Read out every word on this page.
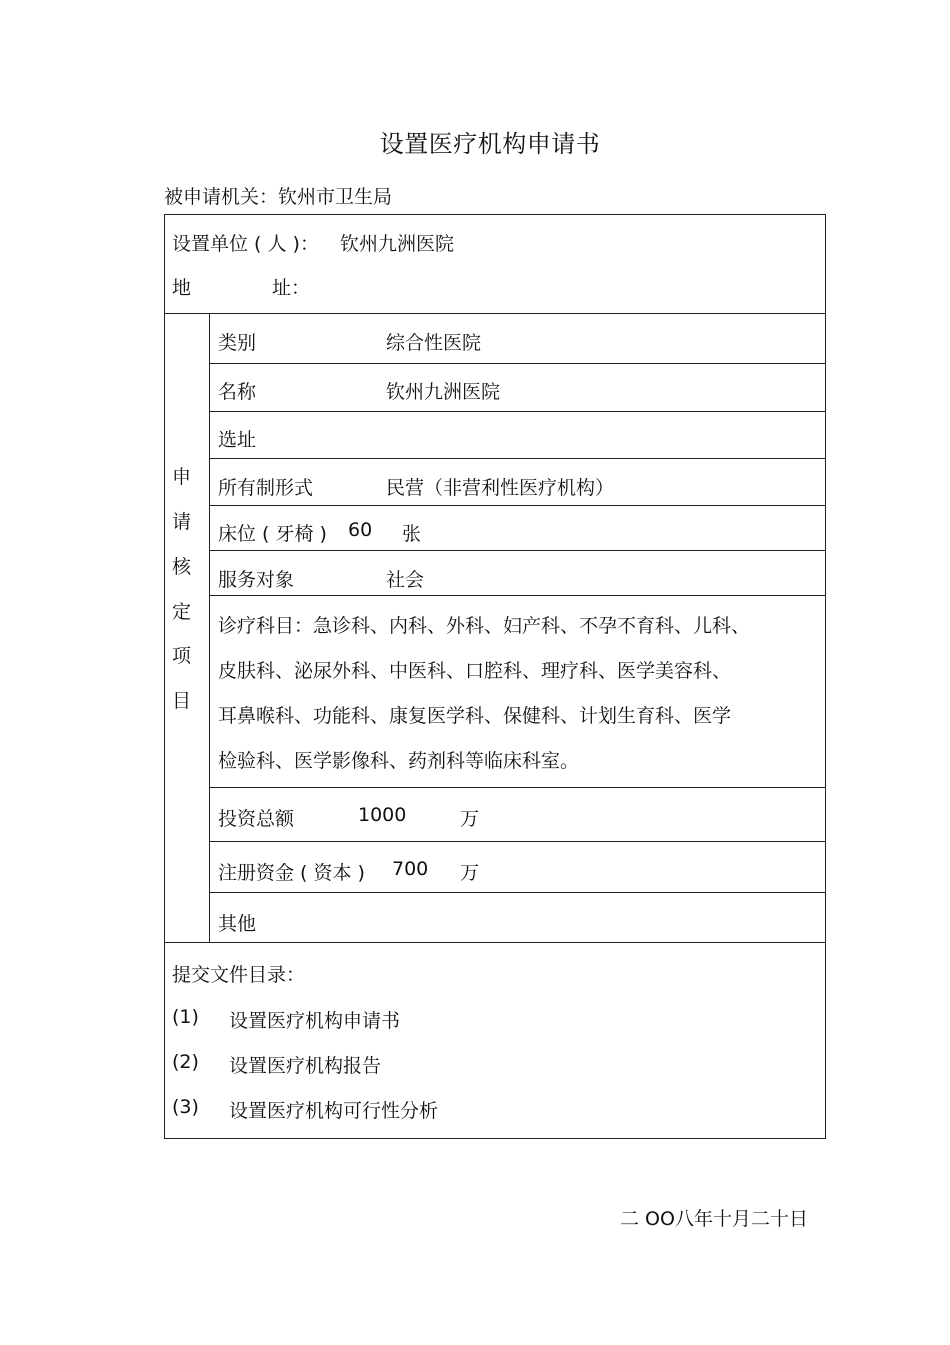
设置医疗机构申请书
被申请机关：钦州市卫生局
设置单位 ( 人 )： 钦州九洲医院
地	址：
申
请
核
定
项
目
类别	综合性医院
名称	钦州九洲医院
选址
所有制形式	民营（非营利性医疗机构）
床位 ( 牙椅 ) 60 张
服务对象	社会
诊疗科目：急诊科、内科、外科、妇产科、不孕不育科、儿科、
皮肤科、泌尿外科、中医科、口腔科、理疗科、医学美容科、
耳鼻喉科、功能科、康复医学科、保健科、计划生育科、医学
检验科、医学影像科、药剂科等临床科室。
投资总额	1000	万
注册资金 ( 资本 ) 700 万
其他
提交文件目录：
(1) 设置医疗机构申请书
(2) 设置医疗机构报告
(3) 设置医疗机构可行性分析
二 OO八年十月二十日
